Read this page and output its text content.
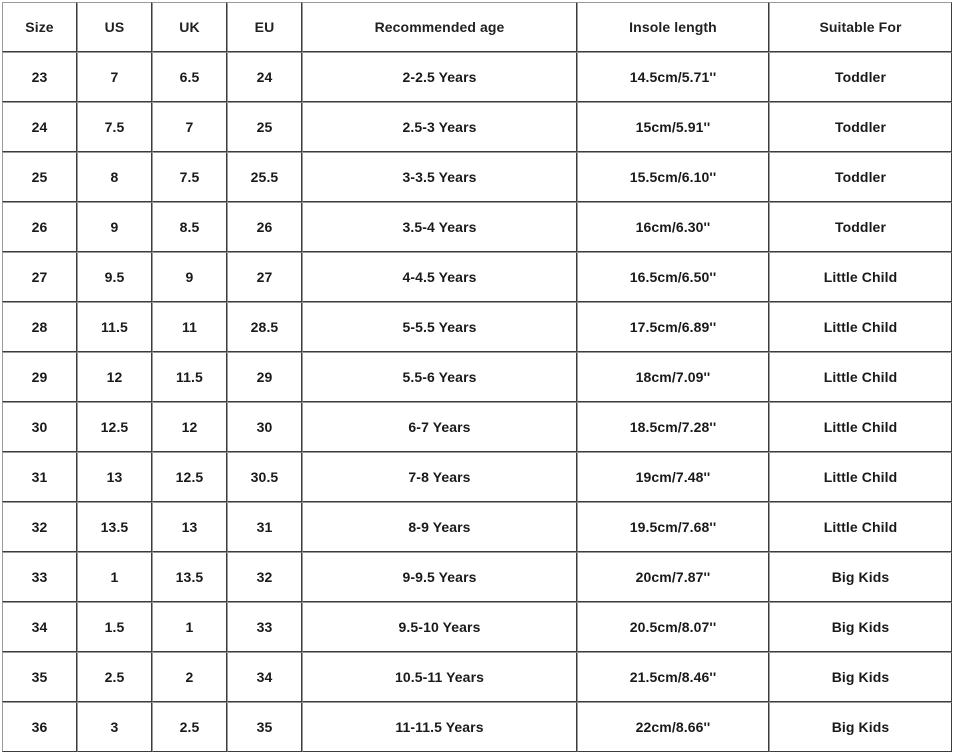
Size	US	UK	EU	Recommended age	Insole length	Suitable For
23	7	6.5	24	2-2.5 Years	14.5cm/5.71''	Toddler
24	7.5	7	25	2.5-3 Years	15cm/5.91''	Toddler
25	8	7.5	25.5	3-3.5 Years	15.5cm/6.10''	Toddler
26	9	8.5	26	3.5-4 Years	16cm/6.30''	Toddler
27	9.5	9	27	4-4.5 Years	16.5cm/6.50''	Little Child
28	11.5	11	28.5	5-5.5 Years	17.5cm/6.89''	Little Child
29	12	11.5	29	5.5-6 Years	18cm/7.09''	Little Child
30	12.5	12	30	6-7 Years	18.5cm/7.28''	Little Child
31	13	12.5	30.5	7-8 Years	19cm/7.48''	Little Child
32	13.5	13	31	8-9 Years	19.5cm/7.68''	Little Child
33	1	13.5	32	9-9.5 Years	20cm/7.87''	Big Kids
34	1.5	1	33	9.5-10 Years	20.5cm/8.07''	Big Kids
35	2.5	2	34	10.5-11 Years	21.5cm/8.46''	Big Kids
36	3	2.5	35	11-11.5 Years	22cm/8.66''	Big Kids
